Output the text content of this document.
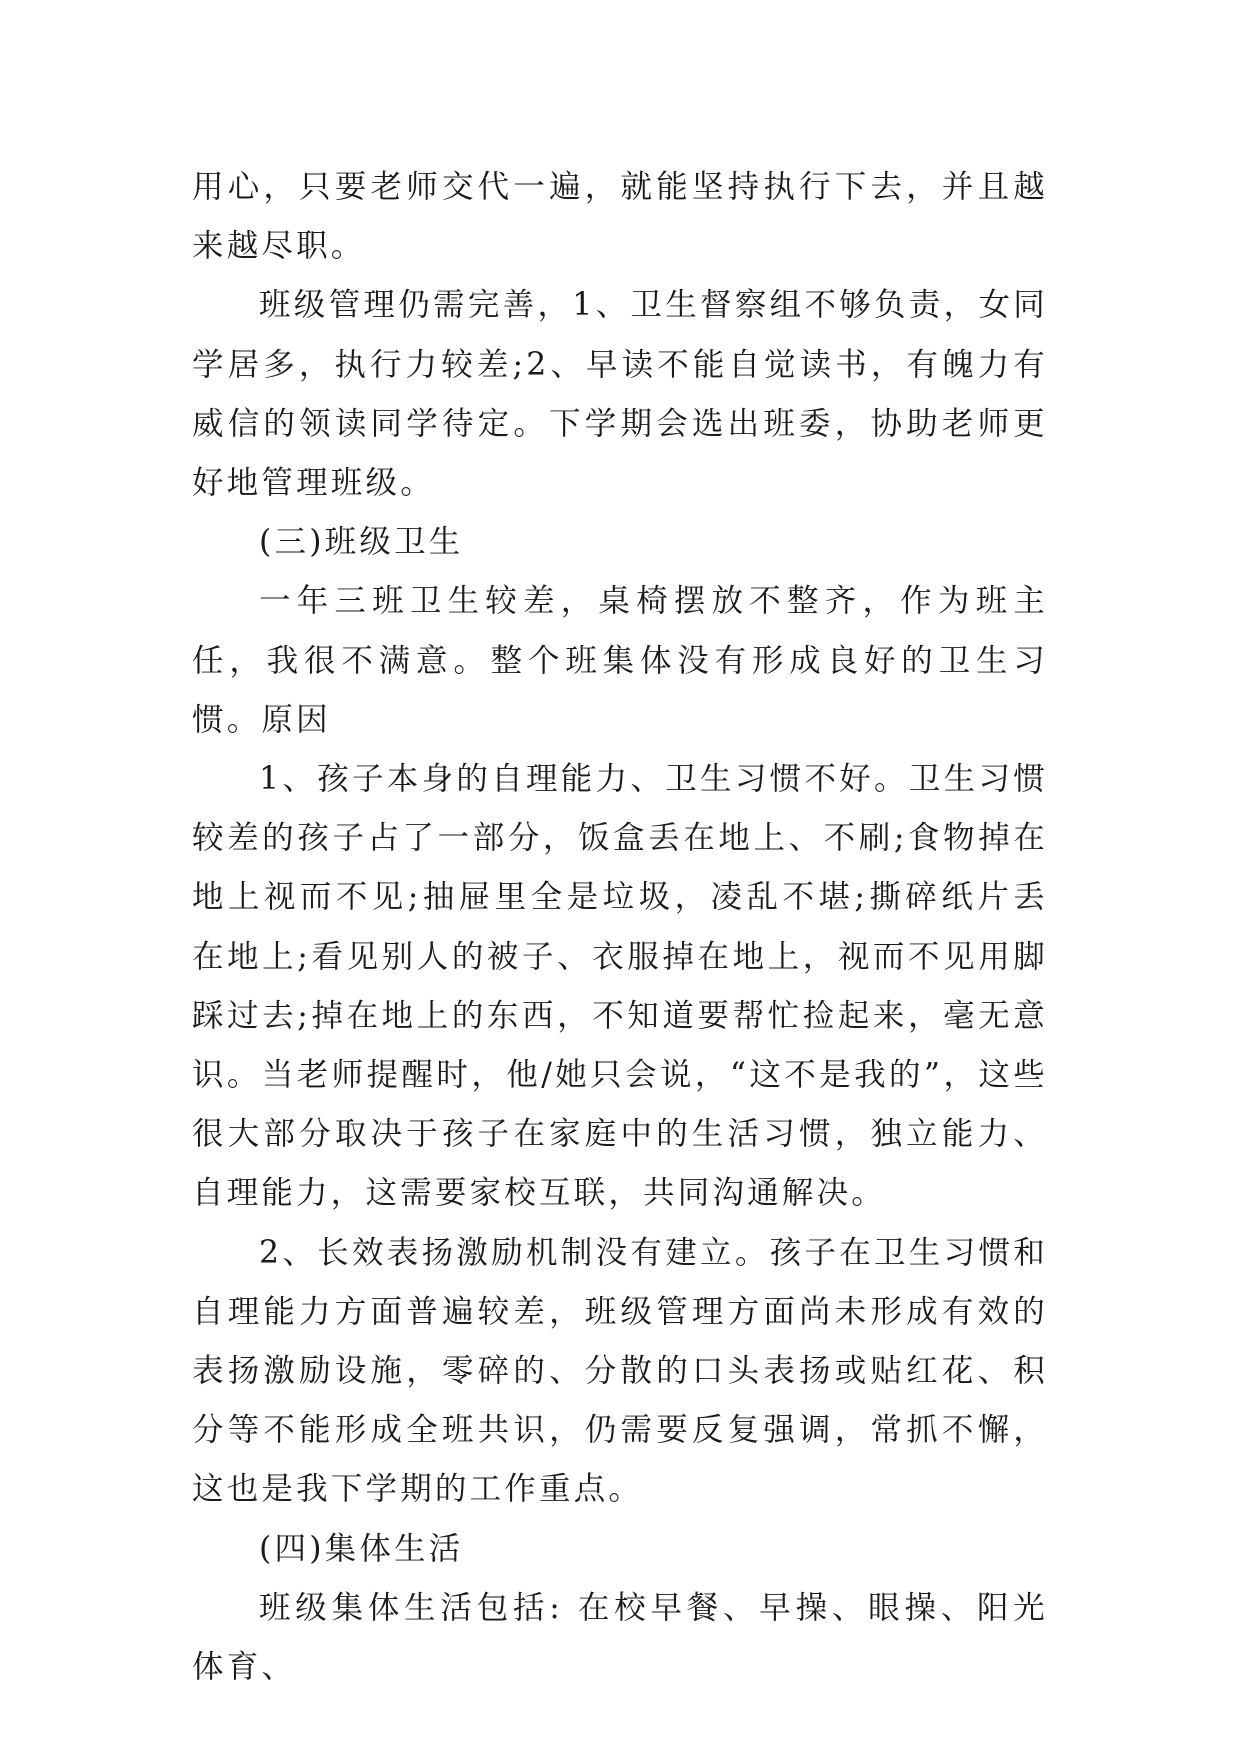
用心，只要老师交代一遍，就能坚持执行下去，并且越来越尽职。

班级管理仍需完善，1、卫生督察组不够负责，女同学居多，执行力较差;2、早读不能自觉读书，有魄力有威信的领读同学待定。下学期会选出班委，协助老师更好地管理班级。

(三)班级卫生

一年三班卫生较差，桌椅摆放不整齐，作为班主任，我很不满意。整个班集体没有形成良好的卫生习惯。原因

1、孩子本身的自理能力、卫生习惯不好。卫生习惯较差的孩子占了一部分，饭盒丢在地上、不刷;食物掉在地上视而不见;抽屉里全是垃圾，凌乱不堪;撕碎纸片丢在地上;看见别人的被子、衣服掉在地上，视而不见用脚踩过去;掉在地上的东西，不知道要帮忙捡起来，毫无意识。当老师提醒时，他/她只会说，“这不是我的”，这些很大部分取决于孩子在家庭中的生活习惯，独立能力、自理能力，这需要家校互联，共同沟通解决。

2、长效表扬激励机制没有建立。孩子在卫生习惯和自理能力方面普遍较差，班级管理方面尚未形成有效的表扬激励设施，零碎的、分散的口头表扬或贴红花、积分等不能形成全班共识，仍需要反复强调，常抓不懈，这也是我下学期的工作重点。

(四)集体生活

班级集体生活包括: 在校早餐、早操、眼操、阳光体育、
